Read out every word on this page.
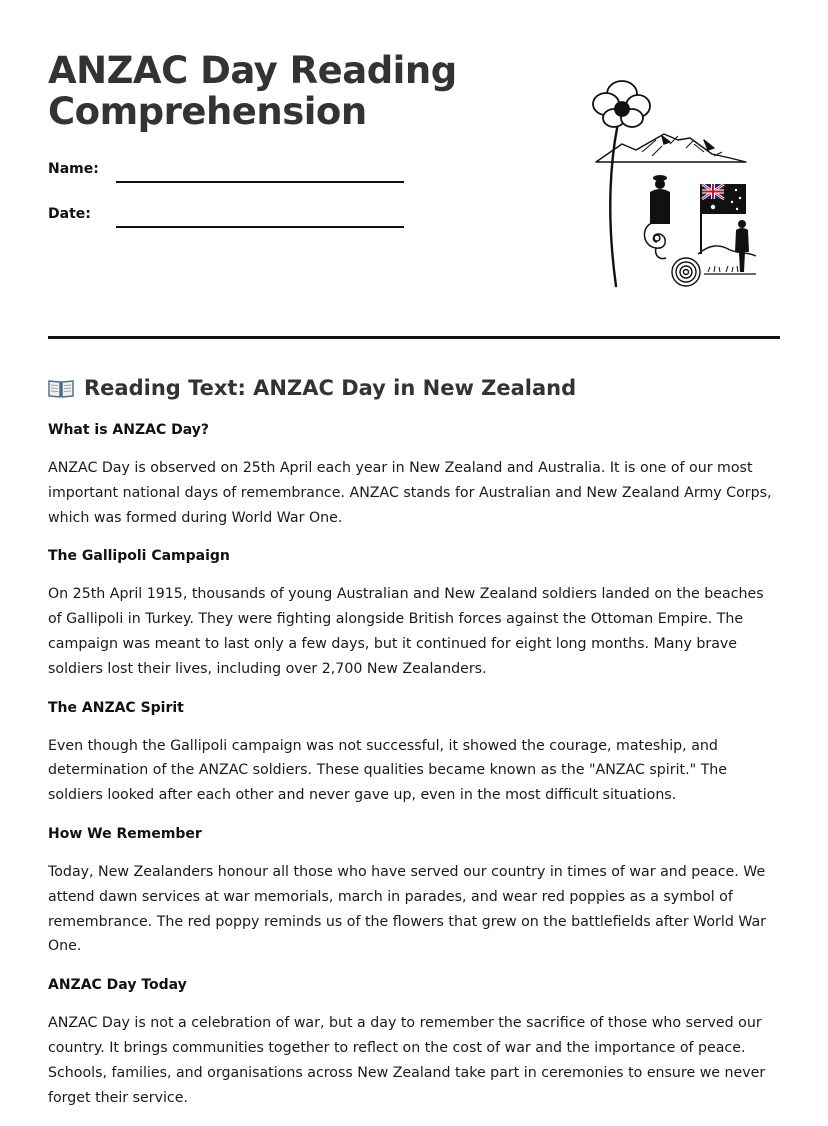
ANZAC Day Reading Comprehension
Name:
Date:
Reading Text: ANZAC Day in New Zealand
What is ANZAC Day?

ANZAC Day is observed on 25th April each year in New Zealand and Australia. It is one of our most important national days of remembrance. ANZAC stands for Australian and New Zealand Army Corps, which was formed during World War One.

The Gallipoli Campaign

On 25th April 1915, thousands of young Australian and New Zealand soldiers landed on the beaches of Gallipoli in Turkey. They were fighting alongside British forces against the Ottoman Empire. The campaign was meant to last only a few days, but it continued for eight long months. Many brave soldiers lost their lives, including over 2,700 New Zealanders.

The ANZAC Spirit

Even though the Gallipoli campaign was not successful, it showed the courage, mateship, and determination of the ANZAC soldiers. These qualities became known as the "ANZAC spirit." The soldiers looked after each other and never gave up, even in the most difficult situations.

How We Remember

Today, New Zealanders honour all those who have served our country in times of war and peace. We attend dawn services at war memorials, march in parades, and wear red poppies as a symbol of remembrance. The red poppy reminds us of the flowers that grew on the battlefields after World War One.

ANZAC Day Today

ANZAC Day is not a celebration of war, but a day to remember the sacrifice of those who served our country. It brings communities together to reflect on the cost of war and the importance of peace. Schools, families, and organisations across New Zealand take part in ceremonies to ensure we never forget their service.
